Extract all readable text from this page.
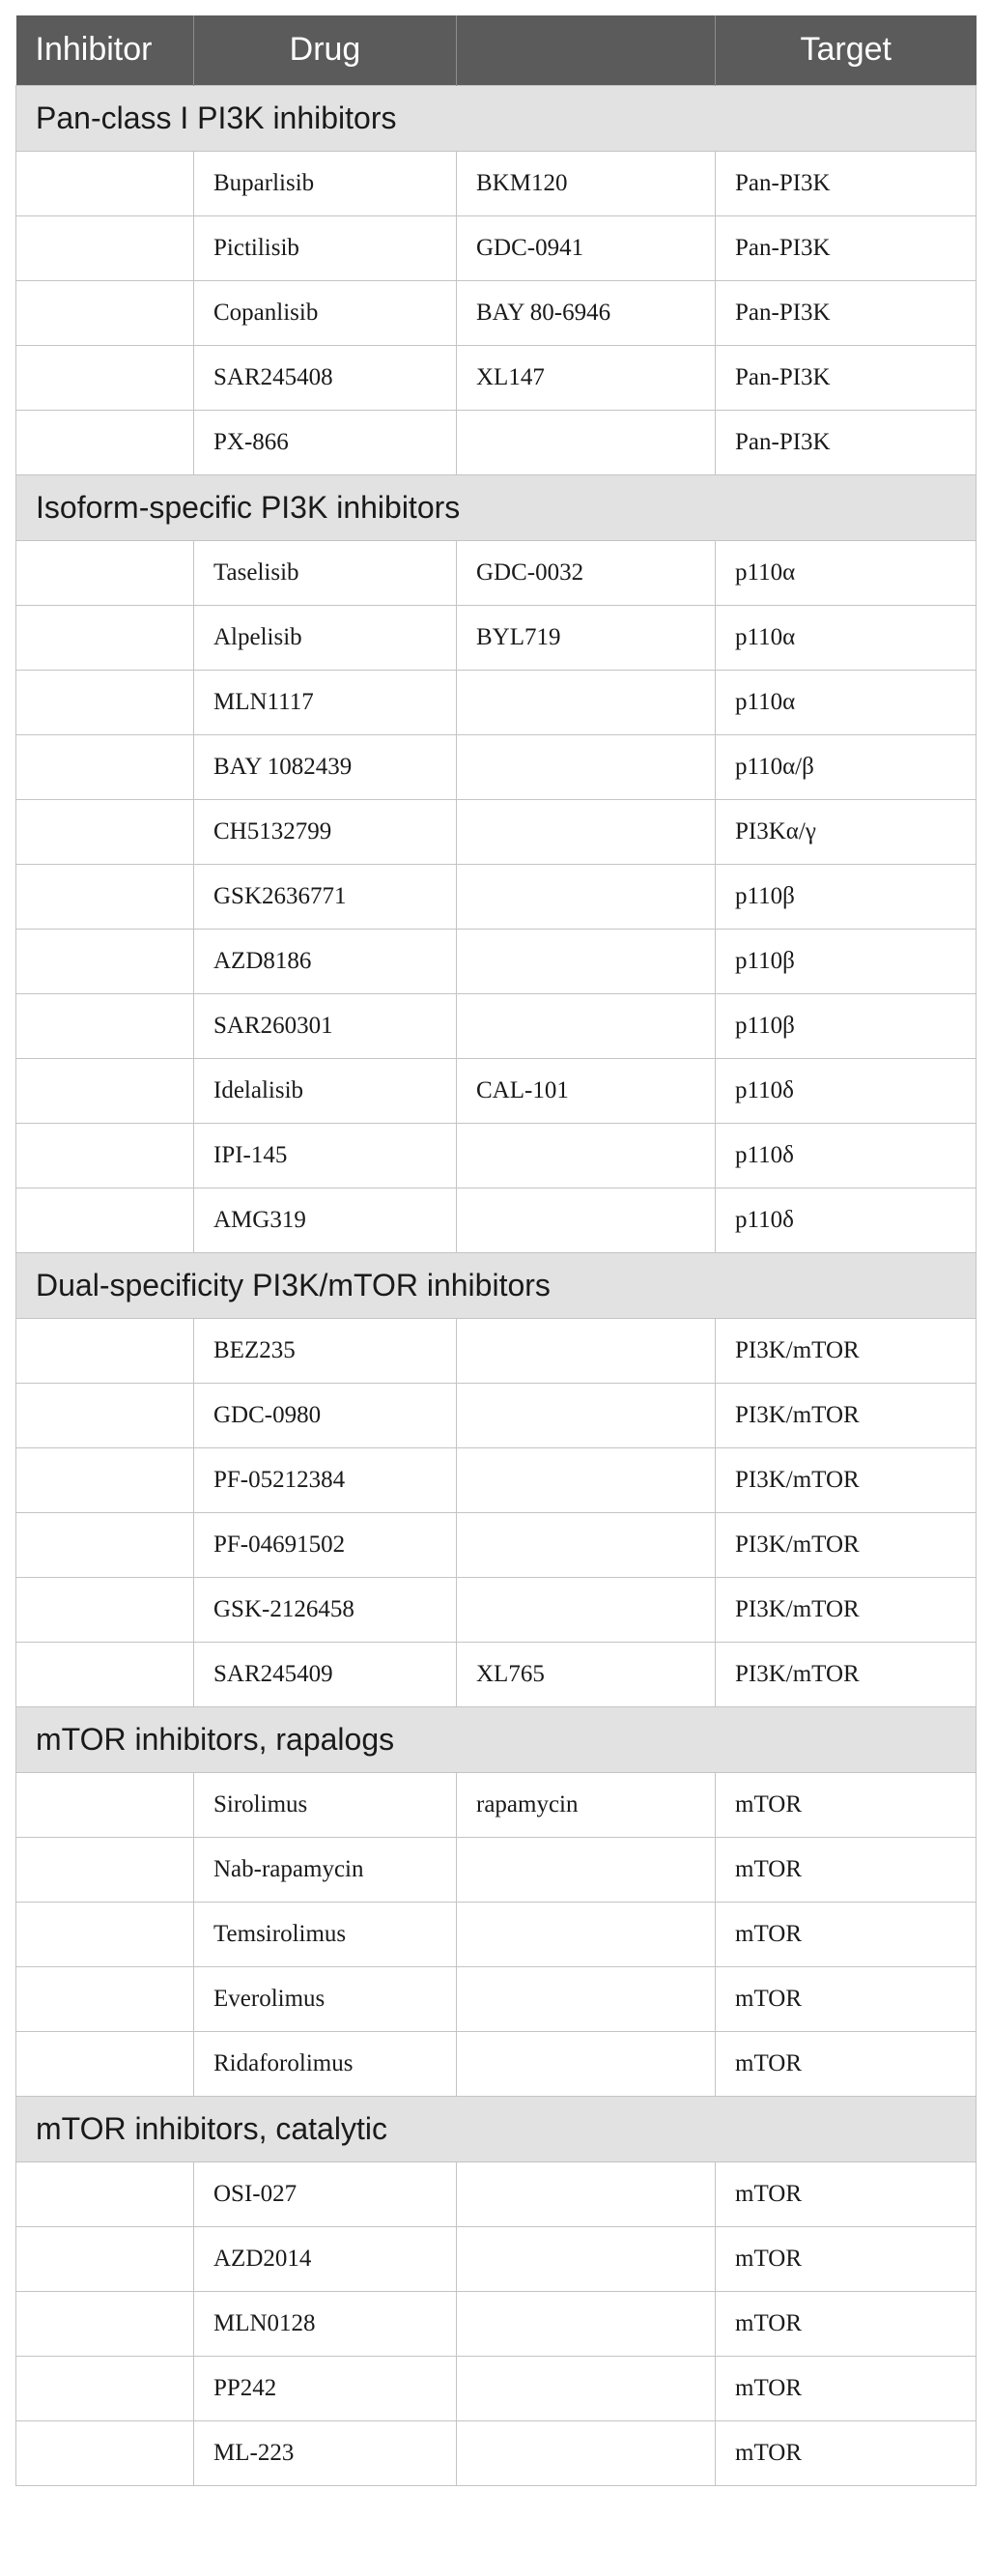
Inhibitor	Drug		Target
Pan-class I PI3K inhibitors			
	Buparlisib	BKM120	Pan-PI3K
	Pictilisib	GDC-0941	Pan-PI3K
	Copanlisib	BAY 80-6946	Pan-PI3K
	SAR245408	XL147	Pan-PI3K
	PX-866		Pan-PI3K
Isoform-specific PI3K inhibitors			
	Taselisib	GDC-0032	p110α
	Alpelisib	BYL719	p110α
	MLN1117		p110α
	BAY 1082439		p110α/β
	CH5132799		PI3Kα/γ
	GSK2636771		p110β
	AZD8186		p110β
	SAR260301		p110β
	Idelalisib	CAL-101	p110δ
	IPI-145		p110δ
	AMG319		p110δ
Dual-specificity PI3K/mTOR inhibitors			
	BEZ235		PI3K/mTOR
	GDC-0980		PI3K/mTOR
	PF-05212384		PI3K/mTOR
	PF-04691502		PI3K/mTOR
	GSK-2126458		PI3K/mTOR
	SAR245409	XL765	PI3K/mTOR
mTOR inhibitors, rapalogs			
	Sirolimus	rapamycin	mTOR
	Nab-rapamycin		mTOR
	Temsirolimus		mTOR
	Everolimus		mTOR
	Ridaforolimus		mTOR
mTOR inhibitors, catalytic			
	OSI-027		mTOR
	AZD2014		mTOR
	MLN0128		mTOR
	PP242		mTOR
	ML-223		mTOR
